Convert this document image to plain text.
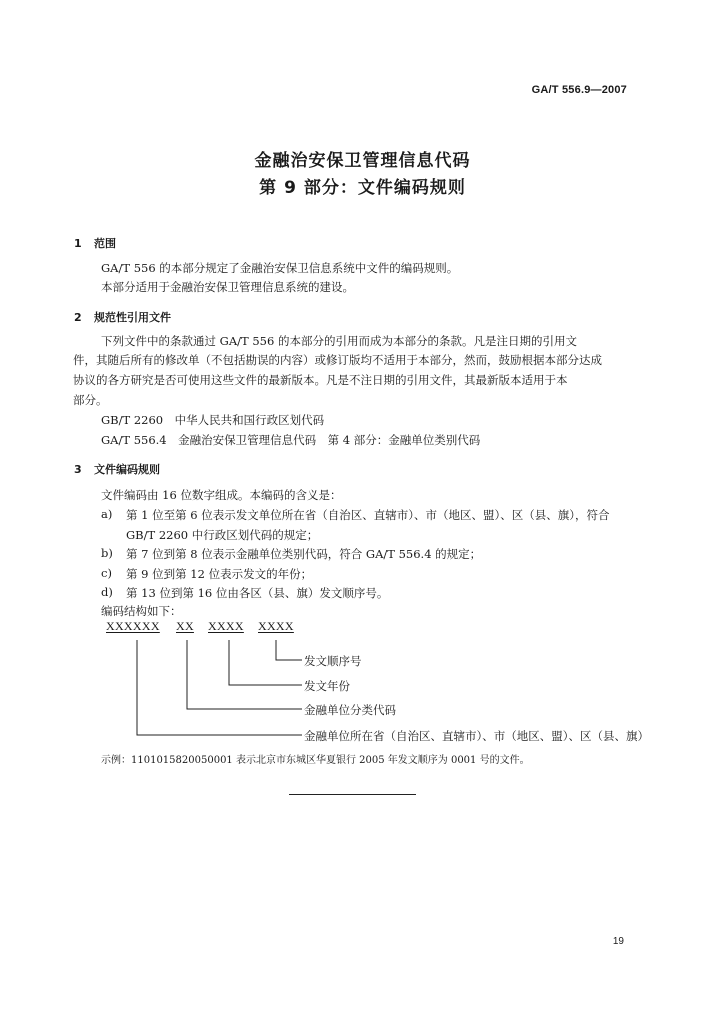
GA/T 556.9—2007
金融治安保卫管理信息代码
第 9 部分：文件编码规则
1 范围
GA/T 556 的本部分规定了金融治安保卫信息系统中文件的编码规则。
本部分适用于金融治安保卫管理信息系统的建设。
2 规范性引用文件
下列文件中的条款通过 GA/T 556 的本部分的引用而成为本部分的条款。凡是注日期的引用文
件，其随后所有的修改单（不包括勘误的内容）或修订版均不适用于本部分，然而，鼓励根据本部分达成
协议的各方研究是否可使用这些文件的最新版本。凡是不注日期的引用文件，其最新版本适用于本
部分。
GB/T 2260　中华人民共和国行政区划代码
GA/T 556.4　金融治安保卫管理信息代码　第 4 部分：金融单位类别代码
3 文件编码规则
文件编码由 16 位数字组成。本编码的含义是：
a) 第 1 位至第 6 位表示发文单位所在省（自治区、直辖市）、市（地区、盟）、区（县、旗），符合
GB/T 2260 中行政区划代码的规定；
b) 第 7 位到第 8 位表示金融单位类别代码，符合 GA/T 556.4 的规定；
c) 第 9 位到第 12 位表示发文的年份；
d) 第 13 位到第 16 位由各区（县、旗）发文顺序号。
编码结构如下：
XXXXXX XX XXXX XXXX
发文顺序号
发文年份
金融单位分类代码
金融单位所在省（自治区、直辖市）、市（地区、盟）、区（县、旗）
示例：1101015820050001 表示北京市东城区华夏银行 2005 年发文顺序为 0001 号的文件。
19
